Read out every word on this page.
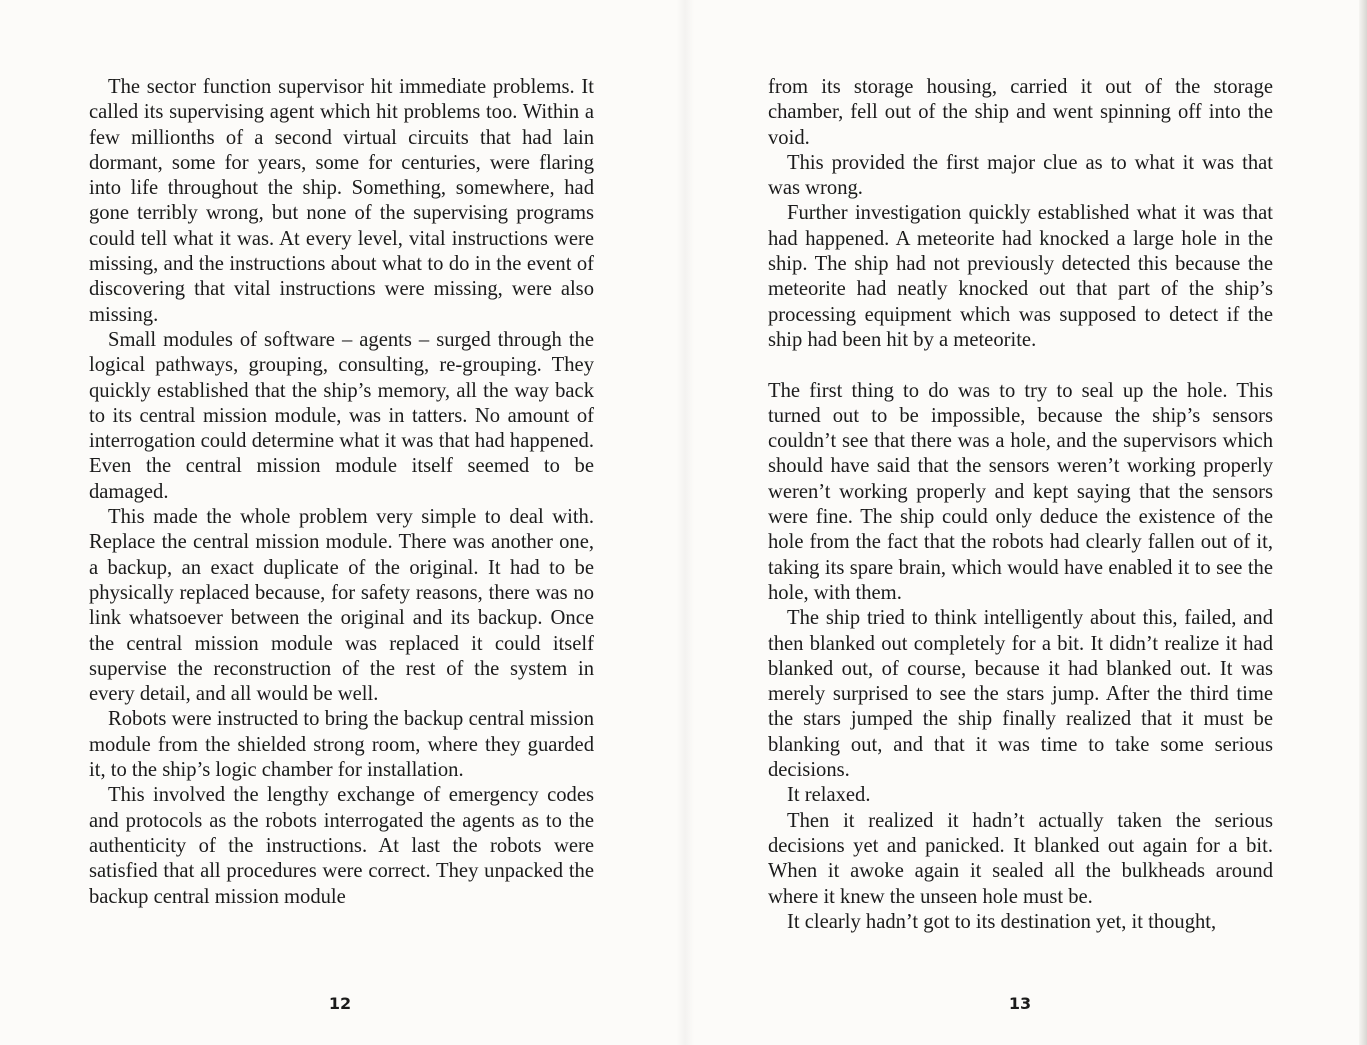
The sector function supervisor hit immediate problems. It called its supervising agent which hit problems too. Within a few millionths of a second virtual circuits that had lain dormant, some for years, some for centuries, were flaring into life throughout the ship. Something, somewhere, had gone terribly wrong, but none of the supervising programs could tell what it was. At every level, vital instructions were missing, and the instructions about what to do in the event of discovering that vital instructions were missing, were also missing.

Small modules of software – agents – surged through the logical pathways, grouping, consulting, re-grouping. They quickly established that the ship’s memory, all the way back to its central mission module, was in tatters. No amount of interrogation could determine what it was that had happened. Even the central mission module itself seemed to be damaged.

This made the whole problem very simple to deal with. Replace the central mission module. There was another one, a backup, an exact duplicate of the original. It had to be physically replaced because, for safety reasons, there was no link whatsoever between the original and its backup. Once the central mission module was replaced it could itself supervise the reconstruction of the rest of the system in every detail, and all would be well.

Robots were instructed to bring the backup central mission module from the shielded strong room, where they guarded it, to the ship’s logic chamber for installation.

This involved the lengthy exchange of emergency codes and protocols as the robots interrogated the agents as to the authenticity of the instructions. At last the robots were satisfied that all procedures were correct. They unpacked the backup central mission module

from its storage housing, carried it out of the storage chamber, fell out of the ship and went spinning off into the void.

This provided the first major clue as to what it was that was wrong.

Further investigation quickly established what it was that had happened. A meteorite had knocked a large hole in the ship. The ship had not previously detected this because the meteorite had neatly knocked out that part of the ship’s processing equipment which was supposed to detect if the ship had been hit by a meteorite.

The first thing to do was to try to seal up the hole. This turned out to be impossible, because the ship’s sensors couldn’t see that there was a hole, and the supervisors which should have said that the sensors weren’t working properly weren’t working properly and kept saying that the sensors were fine. The ship could only deduce the existence of the hole from the fact that the robots had clearly fallen out of it, taking its spare brain, which would have enabled it to see the hole, with them.

The ship tried to think intelligently about this, failed, and then blanked out completely for a bit. It didn’t realize it had blanked out, of course, because it had blanked out. It was merely surprised to see the stars jump. After the third time the stars jumped the ship finally realized that it must be blanking out, and that it was time to take some serious decisions.

It relaxed.

Then it realized it hadn’t actually taken the serious decisions yet and panicked. It blanked out again for a bit. When it awoke again it sealed all the bulkheads around where it knew the unseen hole must be.

It clearly hadn’t got to its destination yet, it thought,

12	13
